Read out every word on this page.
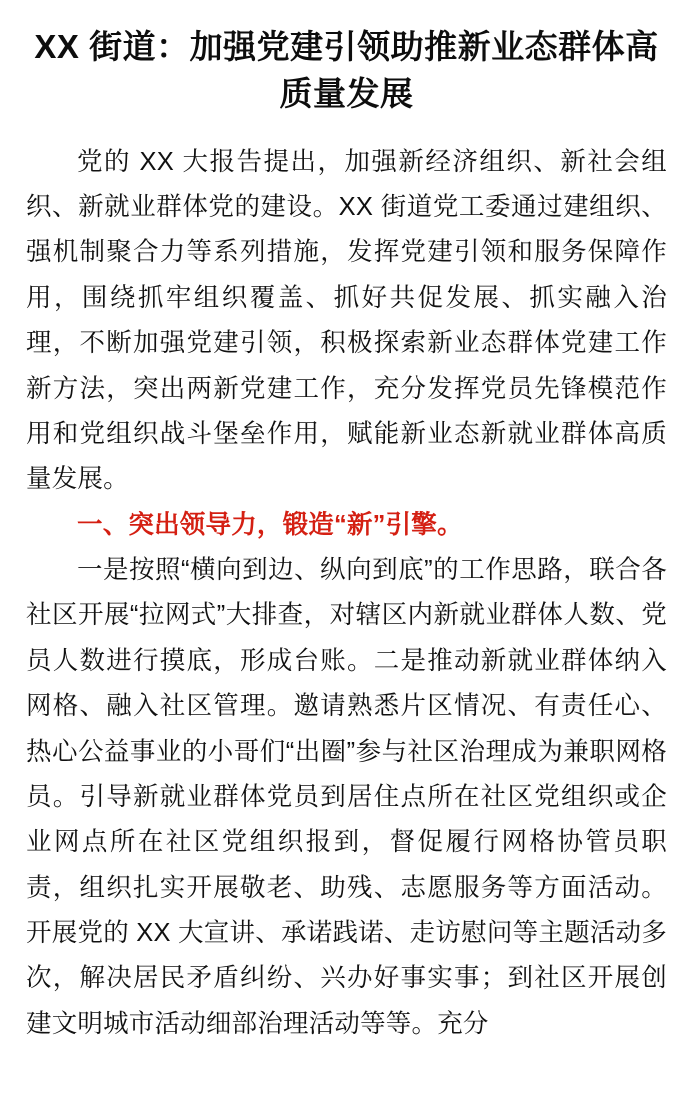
XX 街道：加强党建引领助推新业态群体高质量发展

党的 XX 大报告提出，加强新经济组织、新社会组织、新就业群体党的建设。XX 街道党工委通过建组织、强机制聚合力等系列措施，发挥党建引领和服务保障作用，围绕抓牢组织覆盖、抓好共促发展、抓实融入治理，不断加强党建引领，积极探索新业态群体党建工作新方法，突出两新党建工作，充分发挥党员先锋模范作用和党组织战斗堡垒作用，赋能新业态新就业群体高质量发展。

一、突出领导力，锻造“新”引擎。

一是按照“横向到边、纵向到底”的工作思路，联合各社区开展“拉网式”大排查，对辖区内新就业群体人数、党员人数进行摸底，形成台账。二是推动新就业群体纳入网格、融入社区管理。邀请熟悉片区情况、有责任心、热心公益事业的小哥们“出圈”参与社区治理成为兼职网格员。引导新就业群体党员到居住点所在社区党组织或企业网点所在社区党组织报到，督促履行网格协管员职责，组织扎实开展敬老、助残、志愿服务等方面活动。开展党的 XX 大宣讲、承诺践诺、走访慰问等主题活动多次，解决居民矛盾纠纷、兴办好事实事；到社区开展创建文明城市活动细部治理活动等等。充分
